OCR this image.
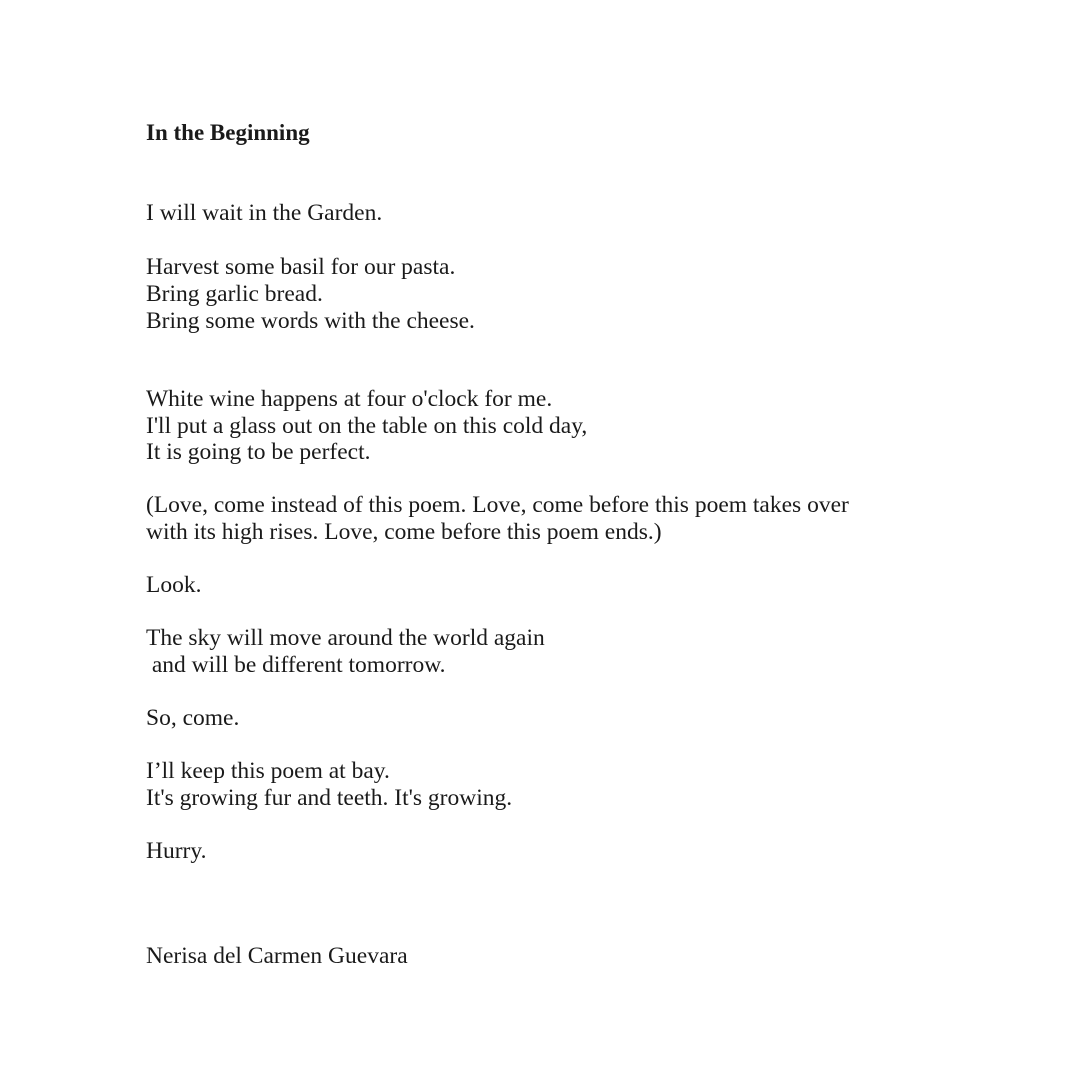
In the Beginning

I will wait in the Garden.

Harvest some basil for our pasta.

Bring garlic bread.

Bring some words with the cheese.

White wine happens at four o'clock for me.

I'll put a glass out on the table on this cold day,

It is going to be perfect.

(Love, come instead of this poem. Love, come before this poem takes over

with its high rises. Love, come before this poem ends.)

Look.

The sky will move around the world again

and will be different tomorrow.

So, come.

I’ll keep this poem at bay.

It's growing fur and teeth. It's growing.

Hurry.

Nerisa del Carmen Guevara
